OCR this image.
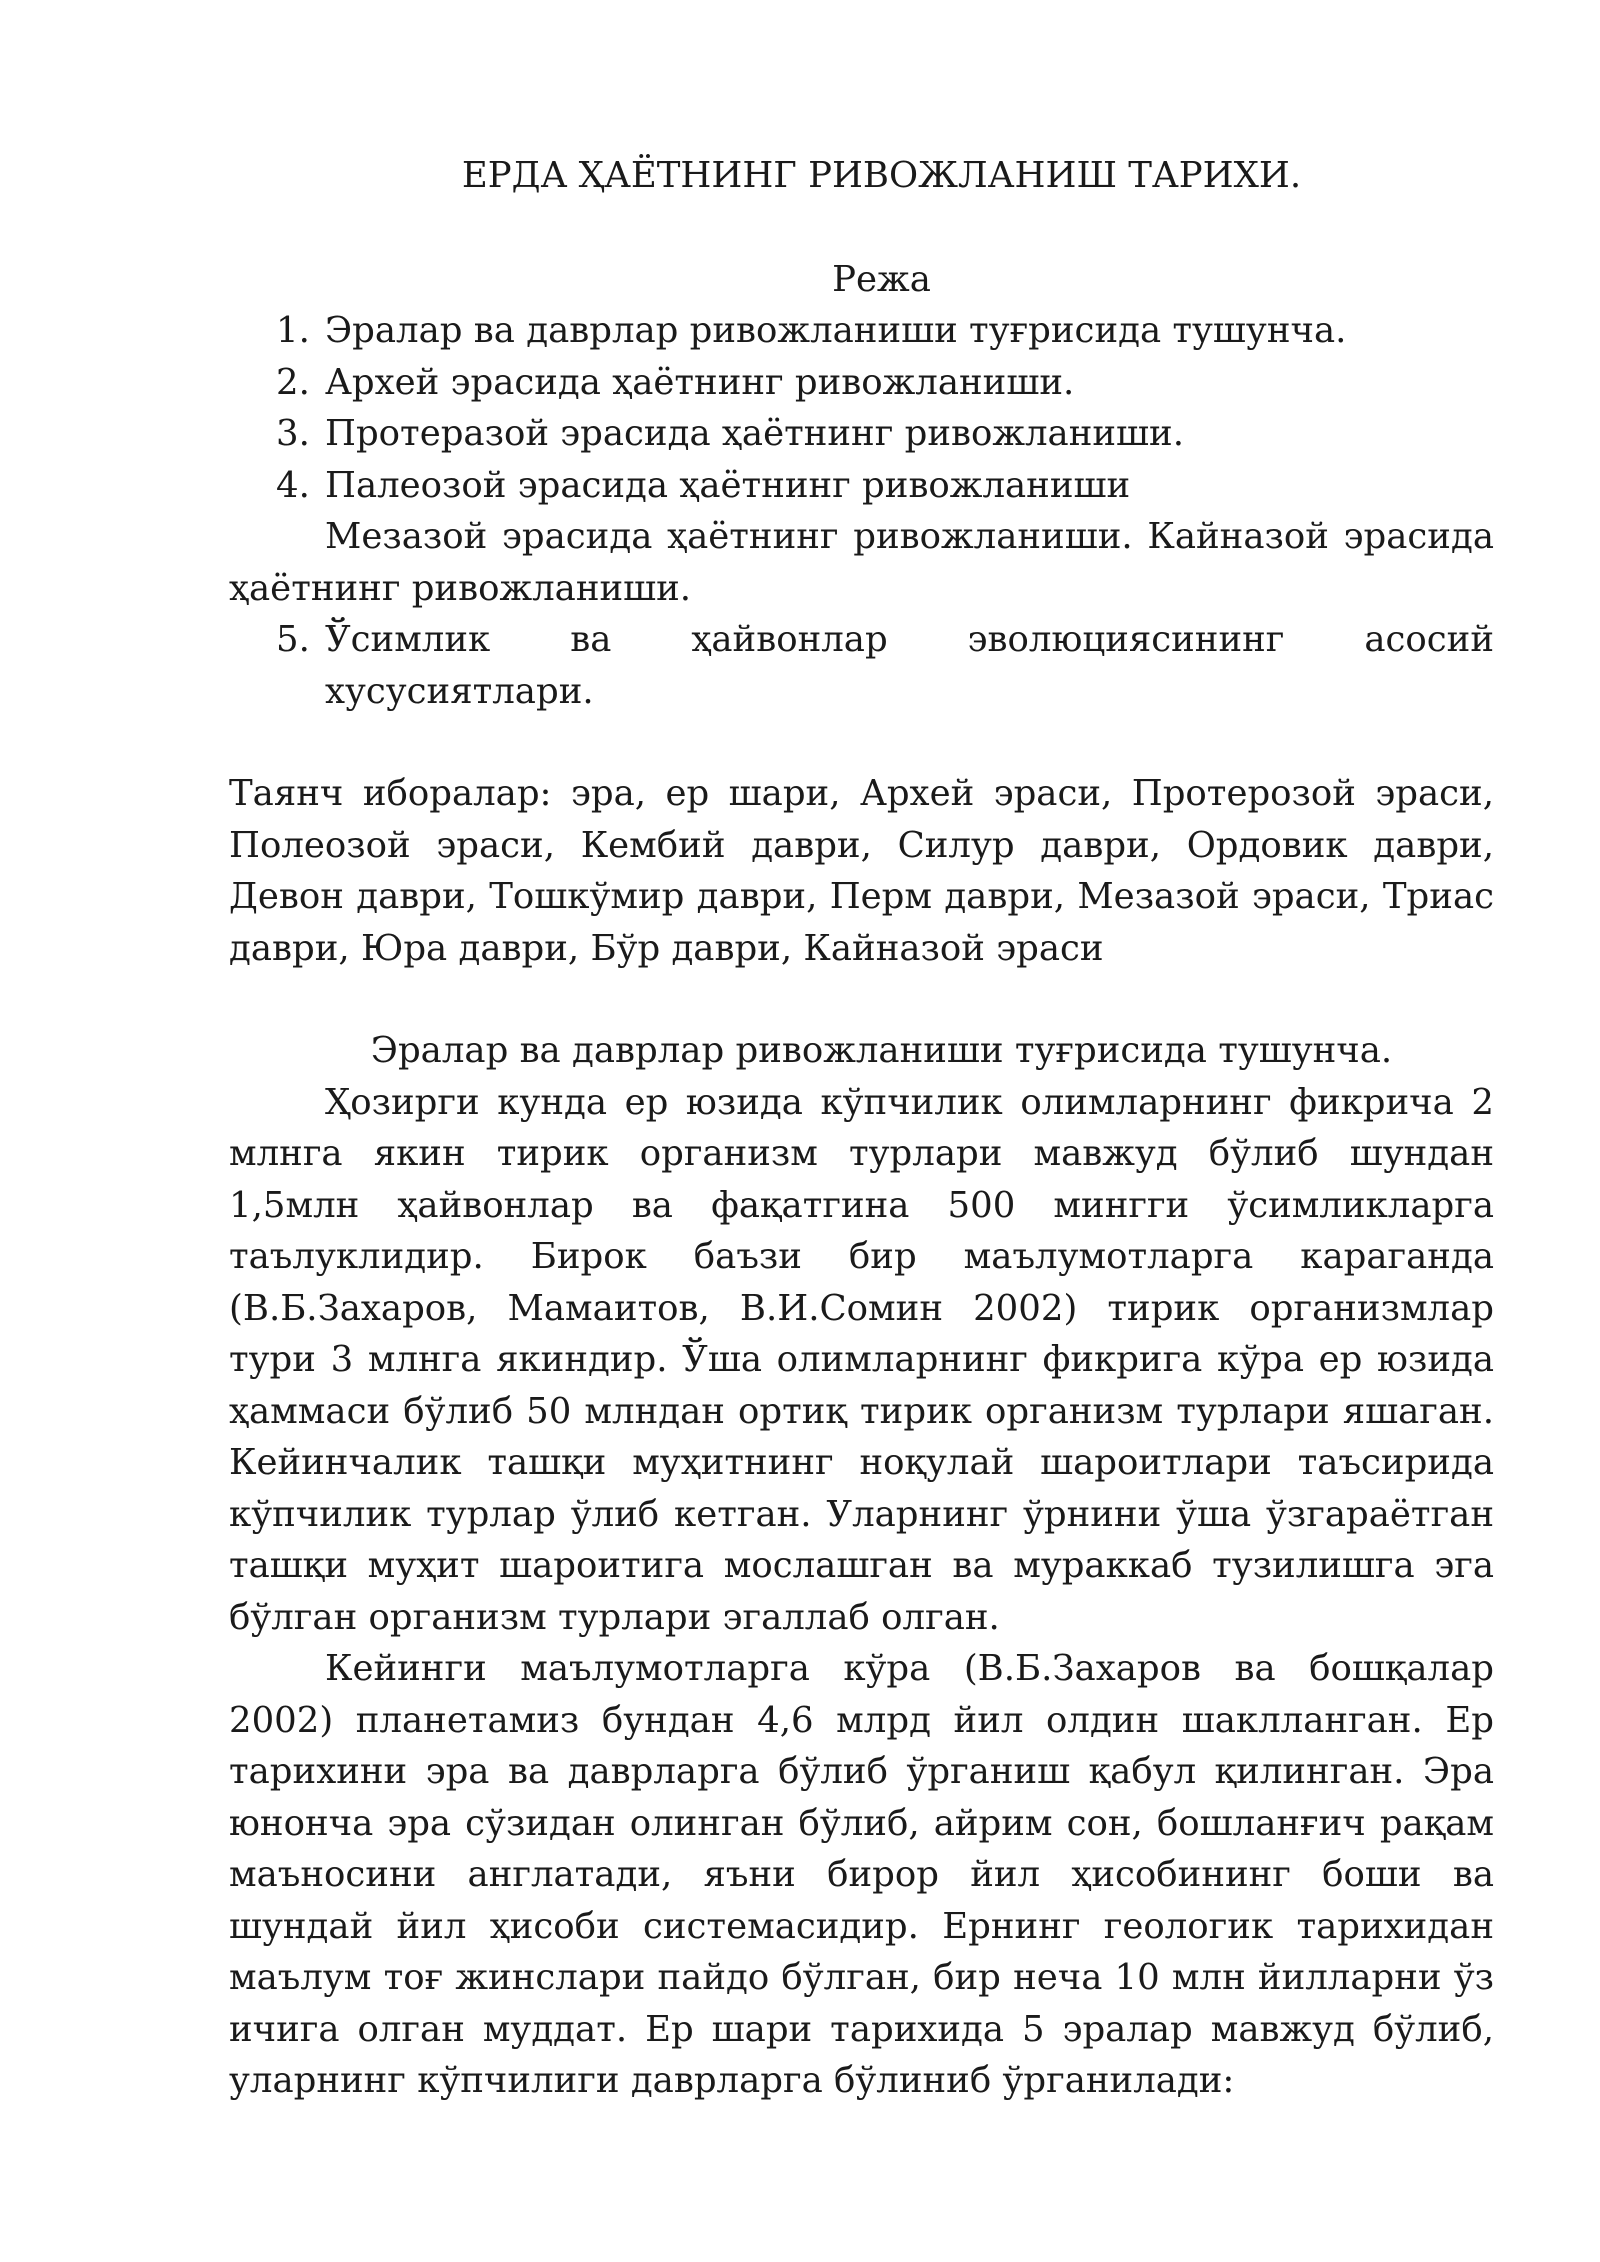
ЕРДА ҲАЁТНИНГ РИВОЖЛАНИШ ТАРИХИ.

Режа

1. Эралар ва даврлар ривожланиши туғрисида тушунча.

2. Архей эрасида ҳаётнинг ривожланиши.

3. Протеразой эрасида ҳаётнинг ривожланиши.

4. Палеозой эрасида ҳаётнинг ривожланиши

Мезазой эрасида ҳаётнинг ривожланиши. Кайназой эрасида ҳаётнинг ривожланиши.

5. Ўсимлик ва ҳайвонлар эволюциясининг асосий

хусусиятлари.

Таянч иборалар: эра, ер шари, Архей эраси, Протерозой эраси, Полеозой эраси, Кембий даври, Силур даври, Ордовик даври, Девон даври, Тошкўмир даври, Перм даври, Мезазой эраси, Триас даври, Юра даври, Бўр даври, Кайназой эраси

Эралар ва даврлар ривожланиши туғрисида тушунча.

Ҳозирги кунда ер юзида кўпчилик олимларнинг фикрича 2 млнга якин тирик организм турлари мавжуд бўлиб шундан 1,5млн ҳайвонлар ва фақатгина 500 мингги ўсимликларга таълуклидир. Бирок баъзи бир маълумотларга караганда (В.Б.Захаров, Мамаитов, В.И.Сомин 2002) тирик организмлар тури 3 млнга якиндир. Ўша олимларнинг фикрига кўра ер юзида ҳаммаси бўлиб 50 млндан ортиқ тирик организм турлари яшаган. Кейинчалик ташқи муҳитнинг ноқулай шароитлари таъсирида кўпчилик турлар ўлиб кетган. Уларнинг ўрнини ўша ўзгараётган ташқи муҳит шароитига мослашган ва мураккаб тузилишга эга бўлган организм турлари эгаллаб олган.

Кейинги маълумотларга кўра (В.Б.Захаров ва бошқалар 2002) планетамиз бундан 4,6 млрд йил олдин шаклланган. Ер тарихини эра ва даврларга бўлиб ўрганиш қабул қилинган. Эра юнонча эра сўзидан олинган бўлиб, айрим сон, бошланғич рақам маъносини англатади, яъни бирор йил ҳисобининг боши ва шундай йил ҳисоби системасидир. Ернинг геологик тарихидан маълум тоғ жинслари пайдо бўлган, бир неча 10 млн йилларни ўз ичига олган муддат. Ер шари тарихида 5 эралар мавжуд бўлиб, уларнинг кўпчилиги даврларга бўлиниб ўрганилади:
